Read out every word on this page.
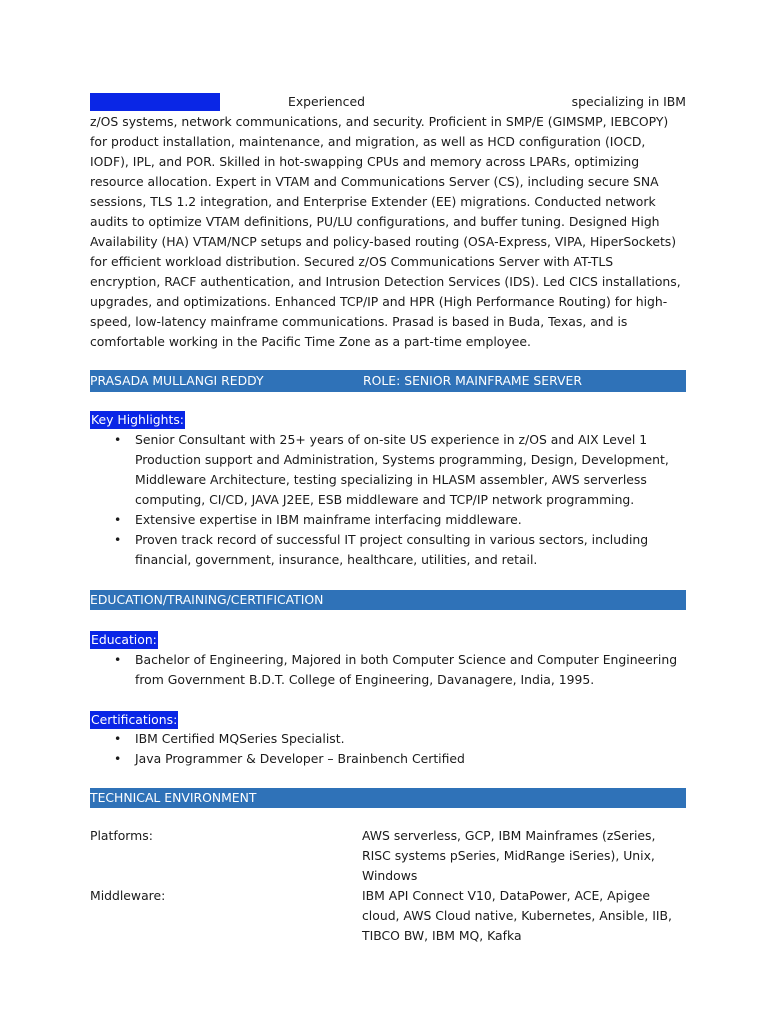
Experienced	specializing in IBM

z/OS systems, network communications, and security. Proficient in SMP/E (GIMSMP, IEBCOPY) for product installation, maintenance, and migration, as well as HCD configuration (IOCD, IODF), IPL, and POR. Skilled in hot-swapping CPUs and memory across LPARs, optimizing resource allocation. Expert in VTAM and Communications Server (CS), including secure SNA sessions, TLS 1.2 integration, and Enterprise Extender (EE) migrations. Conducted network audits to optimize VTAM definitions, PU/LU configurations, and buffer tuning. Designed High Availability (HA) VTAM/NCP setups and policy-based routing (OSA-Express, VIPA, HiperSockets) for efficient workload distribution. Secured z/OS Communications Server with AT-TLS encryption, RACF authentication, and Intrusion Detection Services (IDS). Led CICS installations, upgrades, and optimizations. Enhanced TCP/IP and HPR (High Performance Routing) for high-speed, low-latency mainframe communications. Prasad is based in Buda, Texas, and is comfortable working in the Pacific Time Zone as a part-time employee.

PRASADA MULLANGI REDDY	ROLE: SENIOR MAINFRAME SERVER ADMINISTRATOR
Key Highlights:
• Senior Consultant with 25+ years of on-site US experience in z/OS and AIX Level 1 Production support and Administration, Systems programming, Design, Development, Middleware Architecture, testing specializing in HLASM assembler, AWS serverless computing, CI/CD, JAVA J2EE, ESB middleware and TCP/IP network programming.
• Extensive expertise in IBM mainframe interfacing middleware.
• Proven track record of successful IT project consulting in various sectors, including financial, government, insurance, healthcare, utilities, and retail.
EDUCATION/TRAINING/CERTIFICATION
Education:
• Bachelor of Engineering, Majored in both Computer Science and Computer Engineering from Government B.D.T. College of Engineering, Davanagere, India, 1995.
Certifications:
• IBM Certified MQSeries Specialist.
• Java Programmer & Developer – Brainbench Certified
TECHNICAL ENVIRONMENT
Platforms:	AWS serverless, GCP, IBM Mainframes (zSeries, RISC systems pSeries, MidRange iSeries), Unix, Windows
Middleware:	IBM API Connect V10, DataPower, ACE, Apigee cloud, AWS Cloud native, Kubernetes, Ansible, IIB, TIBCO BW, IBM MQ, Kafka
